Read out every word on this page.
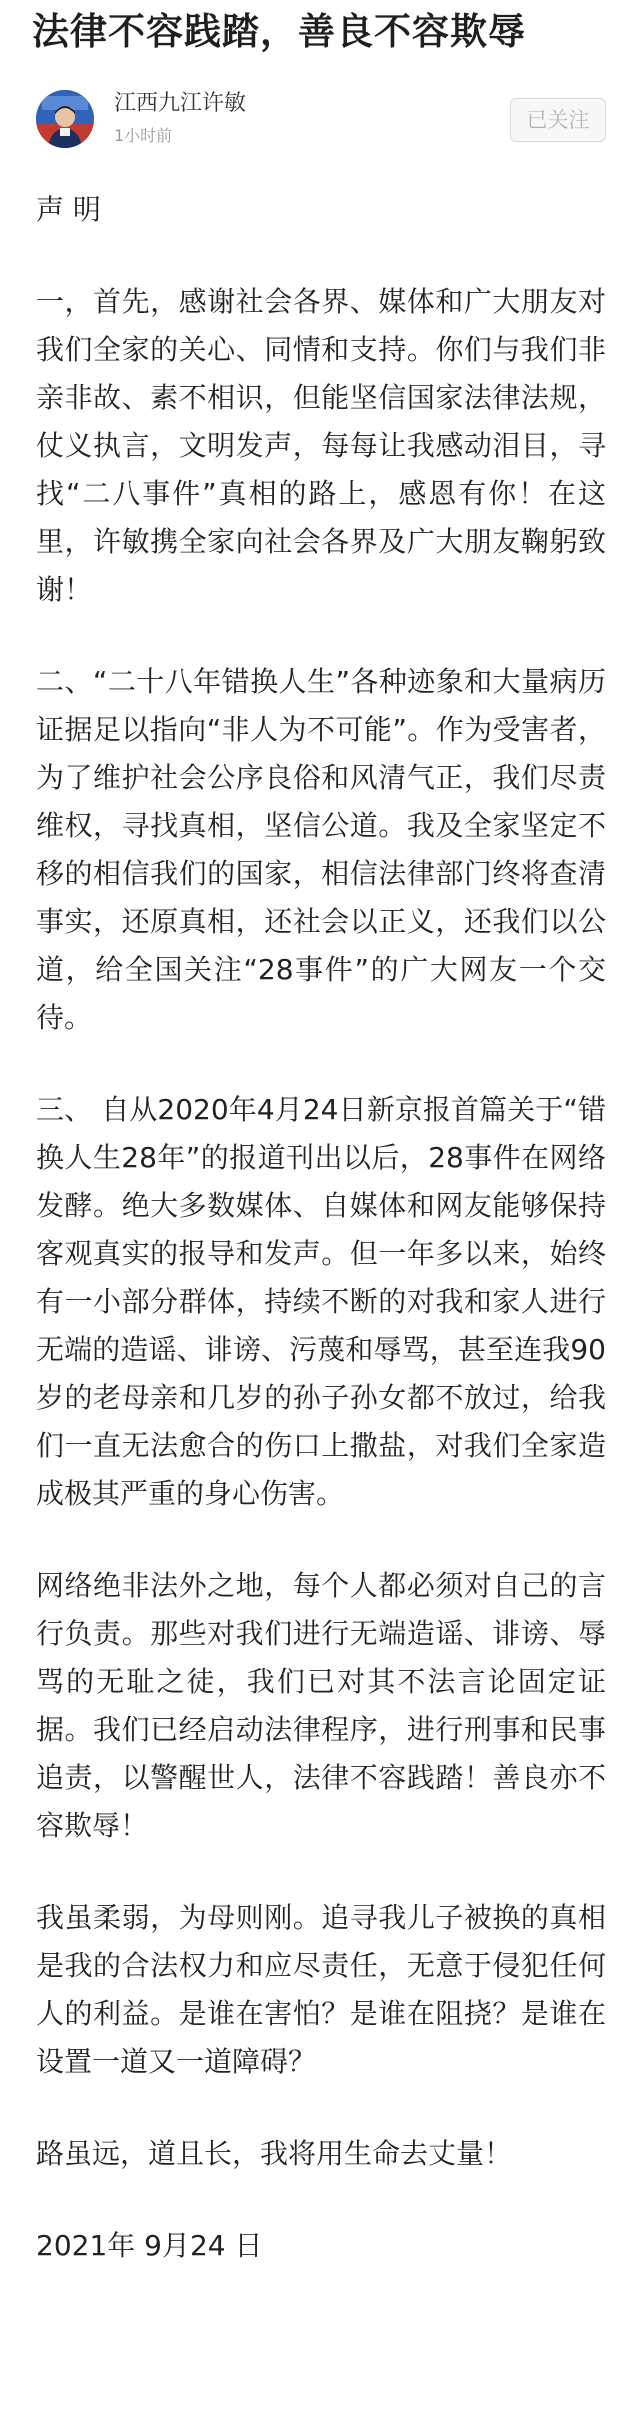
法律不容践踏，善良不容欺辱
江西九江许敏
1小时前
已关注

声 明

一，首先，感谢社会各界、媒体和广大朋友对我们全家的关心、同情和支持。你们与我们非亲非故、素不相识，但能坚信国家法律法规，仗义执言，文明发声，每每让我感动泪目，寻找“二八事件”真相的路上，感恩有你！在这里，许敏携全家向社会各界及广大朋友鞠躬致谢！

二、“二十八年错换人生”各种迹象和大量病历证据足以指向“非人为不可能”。作为受害者，为了维护社会公序良俗和风清气正，我们尽责维权，寻找真相，坚信公道。我及全家坚定不移的相信我们的国家，相信法律部门终将查清事实，还原真相，还社会以正义，还我们以公道，给全国关注“28事件”的广大网友一个交待。

三、 自从2020年4月24日新京报首篇关于“错换人生28年”的报道刊出以后，28事件在网络发酵。绝大多数媒体、自媒体和网友能够保持客观真实的报导和发声。但一年多以来，始终有一小部分群体，持续不断的对我和家人进行无端的造谣、诽谤、污蔑和辱骂，甚至连我90岁的老母亲和几岁的孙子孙女都不放过，给我们一直无法愈合的伤口上撒盐，对我们全家造成极其严重的身心伤害。

网络绝非法外之地，每个人都必须对自己的言行负责。那些对我们进行无端造谣、诽谤、辱骂的无耻之徒，我们已对其不法言论固定证据。我们已经启动法律程序，进行刑事和民事追责，以警醒世人，法律不容践踏！善良亦不容欺辱！

我虽柔弱，为母则刚。追寻我儿子被换的真相是我的合法权力和应尽责任，无意于侵犯任何人的利益。是谁在害怕？是谁在阻挠？是谁在设置一道又一道障碍？

路虽远，道且长，我将用生命去丈量！

2021年 9月24 日
